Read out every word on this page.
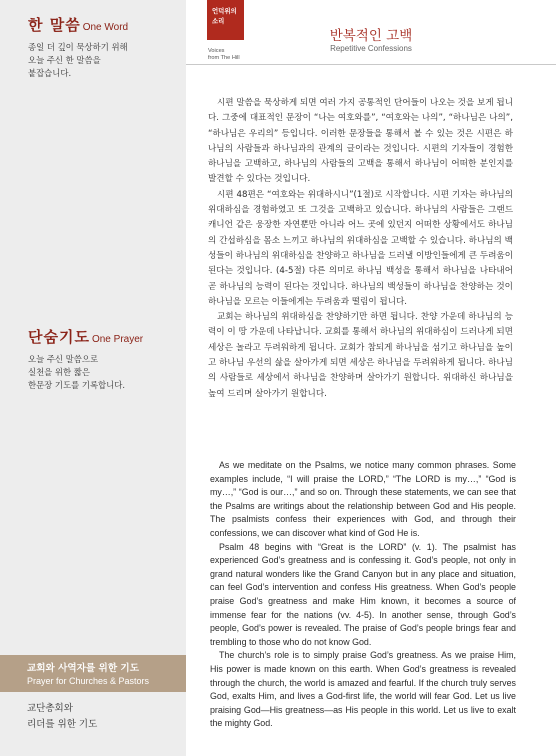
한 말씀 One Word
종일 더 깊이 묵상하기 위해
오늘 주신 한 말씀을
붙잡습니다.
단숨기도 One Prayer
오늘 주신 말씀으로
실천을 위한 짧은
한문장 기도를 기록합니다.
교회와 사역자를 위한 기도
Prayer for Churches & Pastors
교단총회와
리더를 위한 기도
언덕위의
소리
Voices
from The Hill
반복적인 고백
Repetitive Confessions

시편 말씀을 묵상하게 되면 여러 가지 공통적인 단어들이 나오는 것을 보게 됩니다. 그중에 대표적인 문장이 “나는 여호와를”, “여호와는 나의”, “하나님은 나의”, “하나님은 우리의” 등입니다. 이러한 문장들을 통해서 볼 수 있는 것은 시편은 하나님의 사람들과 하나님과의 관계의 글이라는 것입니다. 시편의 기자들이 경험한 하나님을 고백하고, 하나님의 사람들의 고백을 통해서 하나님이 어떠한 분인지를 발견할 수 있다는 것입니다.

시편 48편은 “여호와는 위대하시니”(1절)로 시작합니다. 시편 기자는 하나님의 위대하심을 경험하였고 또 그것을 고백하고 있습니다. 하나님의 사람들은 그랜드 캐니언 같은 웅장한 자연뿐만 아니라 어느 곳에 있던지 어떠한 상황에서도 하나님의 간섭하심을 몸소 느끼고 하나님의 위대하심을 고백할 수 있습니다. 하나님의 백성들이 하나님의 위대하심을 찬양하고 하나님을 드러낼 이방인들에게 큰 두려움이 된다는 것입니다. (4-5절) 다른 의미로 하나님 백성을 통해서 하나님을 나타내어 곧 하나님의 능력이 된다는 것입니다. 하나님의 백성들이 하나님을 찬양하는 것이 하나님을 모르는 이들에게는 두려움과 떨림이 됩니다.

교회는 하나님의 위대하심을 찬양하기만 하면 됩니다. 찬양 가운데 하나님의 능력이 이 땅 가운데 나타납니다. 교회를 통해서 하나님의 위대하심이 드러나게 되면 세상은 놀라고 두려워하게 됩니다. 교회가 참되게 하나님을 섬기고 하나님을 높이고 하나님 우선의 삶을 살아가게 되면 세상은 하나님을 두려워하게 됩니다. 하나님의 사람들로 세상에서 하나님을 찬양하며 살아가기 원합니다. 위대하신 하나님을 높여 드리며 살아가기 원합니다.

As we meditate on the Psalms, we notice many common phrases. Some examples include, “I will praise the LORD,” “The LORD is my…,” “God is my…,” “God is our…,” and so on. Through these statements, we can see that the Psalms are writings about the relationship between God and His people. The psalmists confess their experiences with God, and through their confessions, we can discover what kind of God He is.

Psalm 48 begins with “Great is the LORD” (v. 1). The psalmist has experienced God’s greatness and is confessing it. God’s people, not only in grand natural wonders like the Grand Canyon but in any place and situation, can feel God’s intervention and confess His greatness. When God’s people praise God’s greatness and make Him known, it becomes a source of immense fear for the nations (vv. 4-5). In another sense, through God’s people, God’s power is revealed. The praise of God’s people brings fear and trembling to those who do not know God.

The church’s role is to simply praise God’s greatness. As we praise Him, His power is made known on this earth. When God’s greatness is revealed through the church, the world is amazed and fearful. If the church truly serves God, exalts Him, and lives a God-first life, the world will fear God. Let us live praising God—His greatness—as His people in this world. Let us live to exalt the mighty God.
